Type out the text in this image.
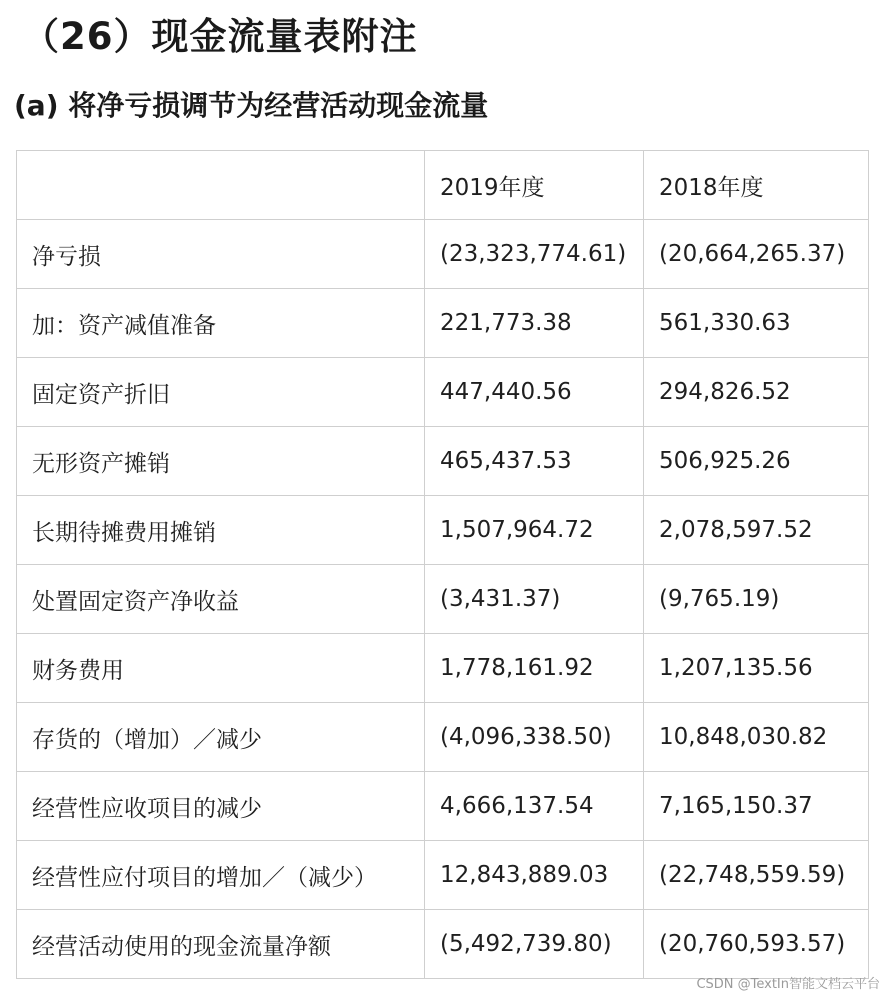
（26）现金流量表附注
(a) 将净亏损调节为经营活动现金流量
	2019年度	2018年度
净亏损	(23,323,774.61)	(20,664,265.37)
加：资产减值准备	221,773.38	561,330.63
固定资产折旧	447,440.56	294,826.52
无形资产摊销	465,437.53	506,925.26
长期待摊费用摊销	1,507,964.72	2,078,597.52
处置固定资产净收益	(3,431.37)	(9,765.19)
财务费用	1,778,161.92	1,207,135.56
存货的（增加）／减少	(4,096,338.50)	10,848,030.82
经营性应收项目的减少	4,666,137.54	7,165,150.37
经营性应付项目的增加／（减少）	12,843,889.03	(22,748,559.59)
经营活动使用的现金流量净额	(5,492,739.80)	(20,760,593.57)
CSDN @TextIn智能文档云平台
